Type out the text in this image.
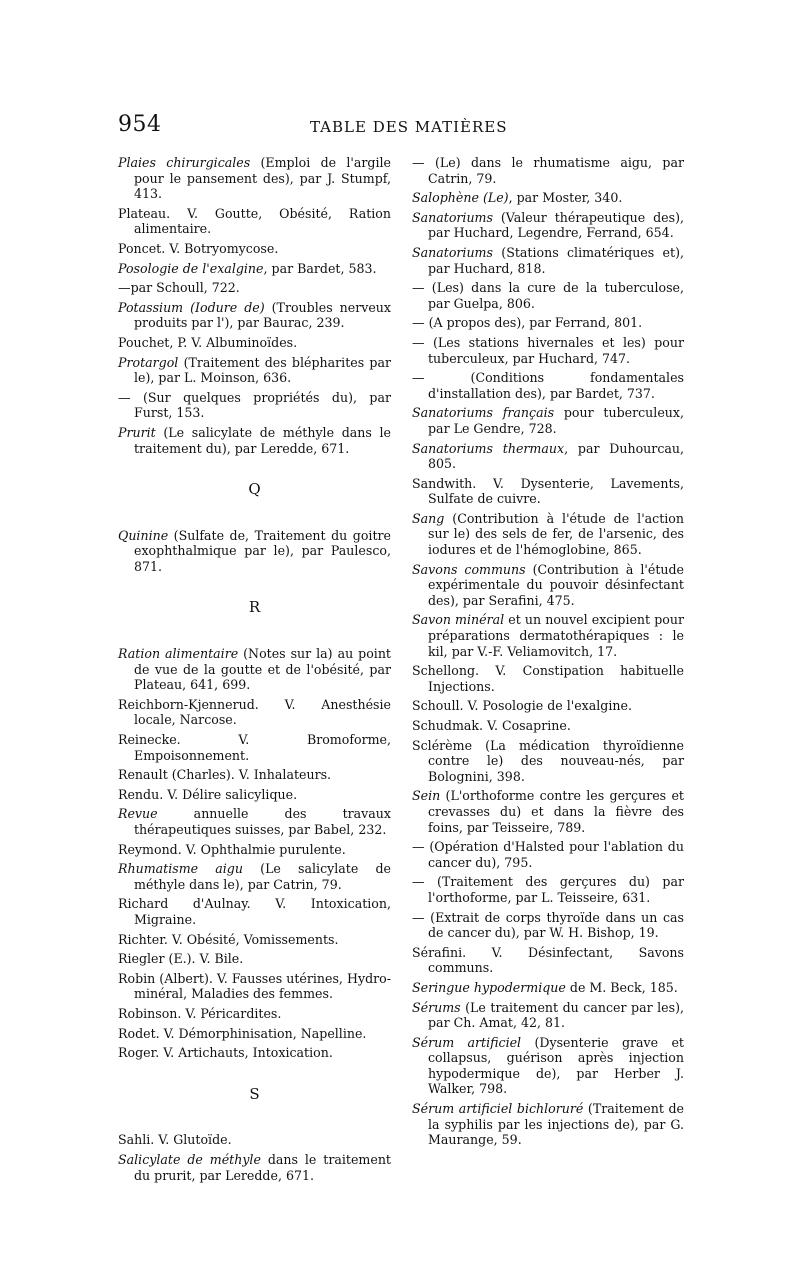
954	TABLE DES MATIÈRES
Plaies chirurgicales (Emploi de l'argile pour le pansement des), par J. Stumpf, 413.
Plateau. V. Goutte, Obésité, Ration alimentaire.
Poncet. V. Botryomycose.
Posologie de l'exalgine, par Bardet, 583.
—par Schoull, 722.
Potassium (Iodure de) (Troubles nerveux produits par l'), par Baurac, 239.
Pouchet, P. V. Albuminoïdes.
Protargol (Traitement des blépharites par le), par L. Moinson, 636.
— (Sur quelques propriétés du), par Furst, 153.
Prurit (Le salicylate de méthyle dans le traitement du), par Leredde, 671.
Q
Quinine (Sulfate de, Traitement du goitre exophthalmique par le), par Paulesco, 871.
R
Ration alimentaire (Notes sur la) au point de vue de la goutte et de l'obésité, par Plateau, 641, 699.
Reichborn-Kjennerud. V. Anesthésie locale, Narcose.
Reinecke. V. Bromoforme, Empoisonnement.
Renault (Charles). V. Inhalateurs.
Rendu. V. Délire salicylique.
Revue annuelle des travaux thérapeutiques suisses, par Babel, 232.
Reymond. V. Ophthalmie purulente.
Rhumatisme aigu (Le salicylate de méthyle dans le), par Catrin, 79.
Richard d'Aulnay. V. Intoxication, Migraine.
Richter. V. Obésité, Vomissements.
Riegler (E.). V. Bile.
Robin (Albert). V. Fausses utérines, Hydro-minéral, Maladies des femmes.
Robinson. V. Péricardites.
Rodet. V. Démorphinisation, Napelline.
Roger. V. Artichauts, Intoxication.
S
Sahli. V. Glutoïde.
Salicylate de méthyle dans le traitement du prurit, par Leredde, 671.
— (Le) dans le rhumatisme aigu, par Catrin, 79.
Salophène (Le), par Moster, 340.
Sanatoriums (Valeur thérapeutique des), par Huchard, Legendre, Ferrand, 654.
Sanatoriums (Stations climatériques et), par Huchard, 818.
— (Les) dans la cure de la tuberculose, par Guelpa, 806.
— (A propos des), par Ferrand, 801.
— (Les stations hivernales et les) pour tuberculeux, par Huchard, 747.
— (Conditions fondamentales d'installation des), par Bardet, 737.
Sanatoriums français pour tuberculeux, par Le Gendre, 728.
Sanatoriums thermaux, par Duhourcau, 805.
Sandwith. V. Dysenterie, Lavements, Sulfate de cuivre.
Sang (Contribution à l'étude de l'action sur le) des sels de fer, de l'arsenic, des iodures et de l'hémoglobine, 865.
Savons communs (Contribution à l'étude expérimentale du pouvoir désinfectant des), par Serafini, 475.
Savon minéral et un nouvel excipient pour préparations dermatothérapiques : le kil, par V.-F. Veliamovitch, 17.
Schellong. V. Constipation habituelle Injections.
Schoull. V. Posologie de l'exalgine.
Schudmak. V. Cosaprine.
Sclérème (La médication thyroïdienne contre le) des nouveau-nés, par Bolognini, 398.
Sein (L'orthoforme contre les gerçures et crevasses du) et dans la fièvre des foins, par Teisseire, 789.
— (Opération d'Halsted pour l'ablation du cancer du), 795.
— (Traitement des gerçures du) par l'orthoforme, par L. Teisseire, 631.
— (Extrait de corps thyroïde dans un cas de cancer du), par W. H. Bishop, 19.
Sérafini. V. Désinfectant, Savons communs.
Seringue hypodermique de M. Beck, 185.
Sérums (Le traitement du cancer par les), par Ch. Amat, 42, 81.
Sérum artificiel (Dysenterie grave et collapsus, guérison après injection hypodermique de), par Herber J. Walker, 798.
Sérum artificiel bichloruré (Traitement de la syphilis par les injections de), par G. Maurange, 59.
